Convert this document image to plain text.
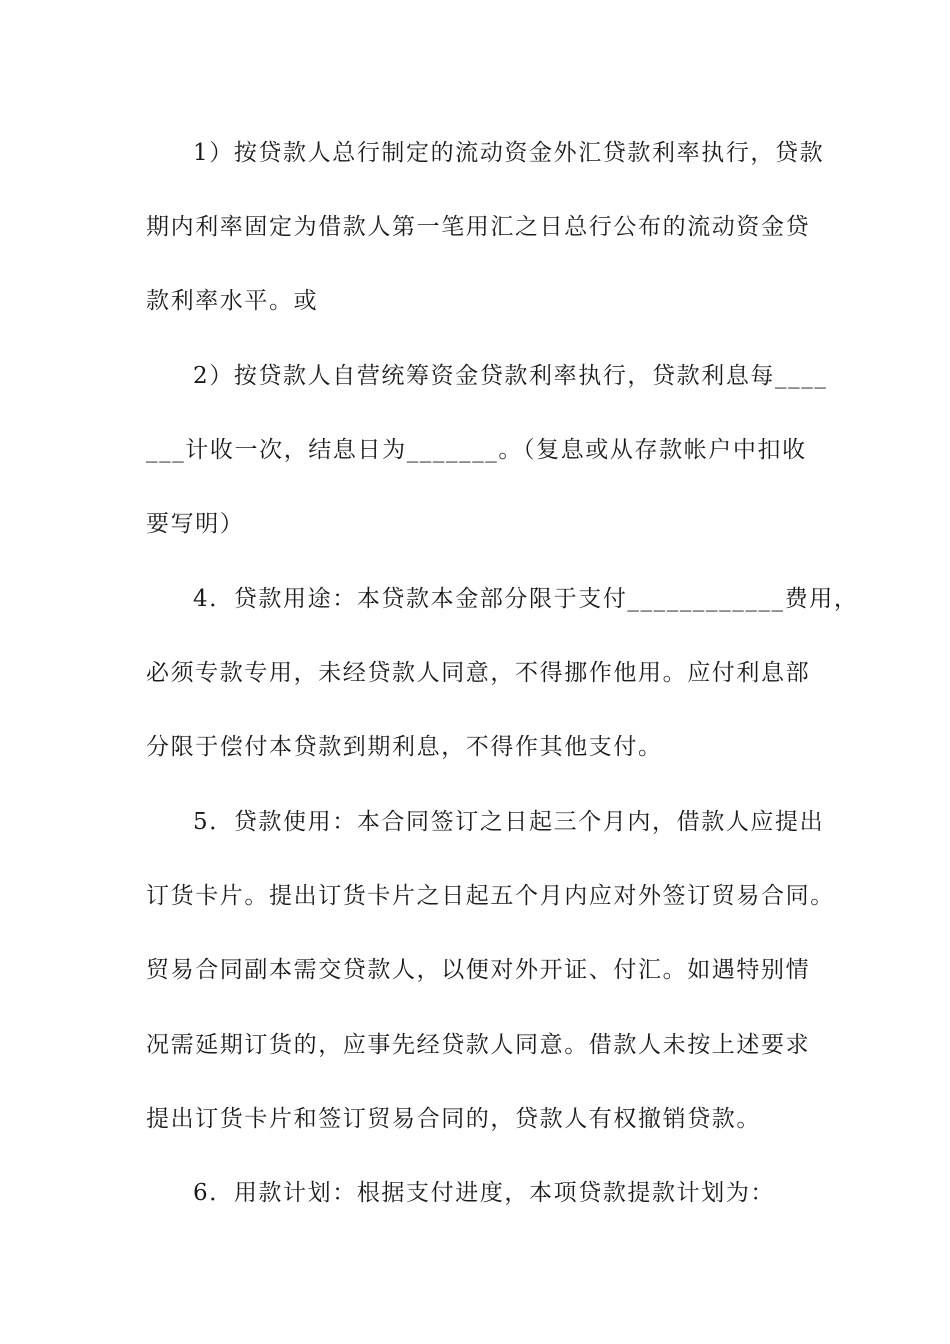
1）按贷款人总行制定的流动资金外汇贷款利率执行，贷款
期内利率固定为借款人第一笔用汇之日总行公布的流动资金贷
款利率水平。或
2）按贷款人自营统筹资金贷款利率执行，贷款利息每____
___计收一次，结息日为_______。（复息或从存款帐户中扣收
要写明）
4．贷款用途：本贷款本金部分限于支付____________费用，
必须专款专用，未经贷款人同意，不得挪作他用。应付利息部
分限于偿付本贷款到期利息，不得作其他支付。
5．贷款使用：本合同签订之日起三个月内，借款人应提出
订货卡片。提出订货卡片之日起五个月内应对外签订贸易合同。
贸易合同副本需交贷款人，以便对外开证、付汇。如遇特别情
况需延期订货的，应事先经贷款人同意。借款人未按上述要求
提出订货卡片和签订贸易合同的，贷款人有权撤销贷款。
6．用款计划：根据支付进度，本项贷款提款计划为：
